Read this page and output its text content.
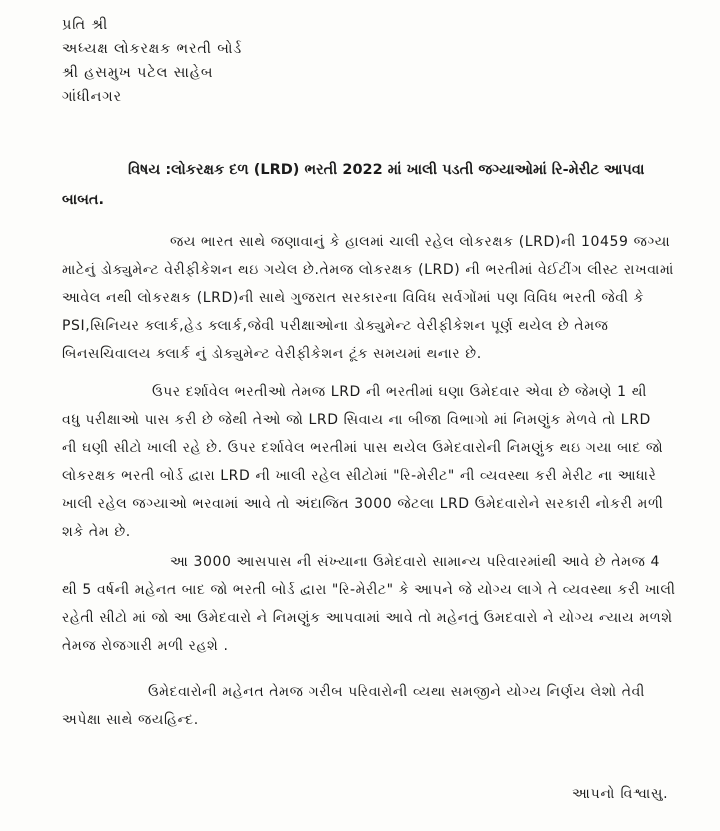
પ્રતિ શ્રી
અધ્યક્ષ લોકરક્ષક ભરતી બોર્ડ
શ્રી હસમુખ પટેલ સાહેબ
ગાંધીનગર
વિષય :લોકરક્ષક દળ (LRD) ભરતી 2022 માં ખાલી પડતી જગ્યાઓમાં રિ-મેરીટ આપવા
બાબત.
જય ભારત સાથે જણાવાનું કે હાલમાં ચાલી રહેલ લોકરક્ષક (LRD)ની 10459 જગ્યા
માટેનું ડોક્યુમેન્ટ વેરીફીકેશન થઇ ગયેલ છે.તેમજ લોકરક્ષક (LRD) ની ભરતીમાં વેઈટીંગ લીસ્ટ રાખવામાં
આવેલ નથી લોકરક્ષક (LRD)ની સાથે ગુજરાત સરકારના વિવિધ સર્વગોંમાં પણ વિવિધ ભરતી જેવી કે
PSI,સિનિયર ક્લાર્ક,હેડ ક્લાર્ક,જેવી પરીક્ષાઓના ડોક્યુમેન્ટ વેરીફીકેશન પૂર્ણ થયેલ છે તેમજ
બિનસચિવાલય ક્લાર્ક નું ડોક્યુમેન્ટ વેરીફીકેશન ટૂંક સમયમાં થનાર છે.
ઉપર દર્શાવેલ ભરતીઓ તેમજ LRD ની ભરતીમાં ઘણા ઉમેદવાર એવા છે જેમણે 1 થી
વધુ પરીક્ષાઓ પાસ કરી છે જેથી તેઓ જો LRD સિવાય ના બીજા વિભાગો માં નિમણુંક મેળવે તો LRD
ની ઘણી સીટો ખાલી રહે છે. ઉપર દર્શાવેલ ભરતીમાં પાસ થયેલ ઉમેદવારોની નિમણુંક થઇ ગયા બાદ જો
લોકરક્ષક ભરતી બોર્ડ દ્વારા LRD ની ખાલી રહેલ સીટોમાં "રિ-મેરીટ" ની વ્યવસ્થા કરી મેરીટ ના આધારે
ખાલી રહેલ જગ્યાઓ ભરવામાં આવે તો અંદાજિત 3000 જેટલા LRD ઉમેદવારોને સરકારી નોકરી મળી
શકે તેમ છે.
આ 3000 આસપાસ ની સંખ્યાના ઉમેદવારો સામાન્ય પરિવારમાંથી આવે છે તેમજ 4
થી 5 વર્ષની મહેનત બાદ જો ભરતી બોર્ડ દ્વારા "રિ-મેરીટ" કે આપને જે યોગ્ય લાગે તે વ્યવસ્થા કરી ખાલી
રહેતી સીટો માં જો આ ઉમેદવારો ને નિમણુંક આપવામાં આવે તો મહેનતું ઉમદવારો ને યોગ્ય ન્યાય મળશે
તેમજ રોજગારી મળી રહશે .
ઉમેદવારોની મહેનત તેમજ ગરીબ પરિવારોની વ્યથા સમજીને યોગ્ય નિર્ણય લેશો તેવી
અપેક્ષા સાથે જયહિન્દ.
આપનો વિશ્વાસુ.
